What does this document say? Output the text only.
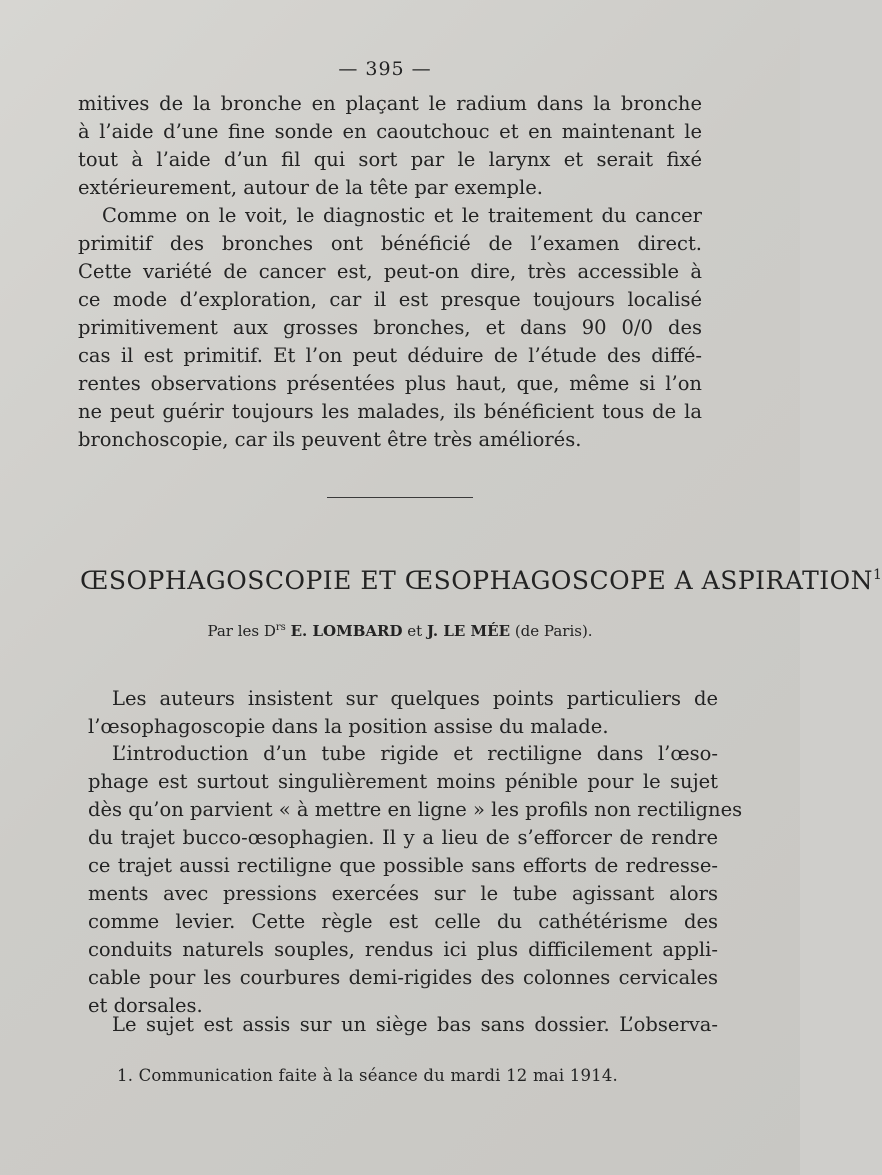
— 395 —
mitives de la bronche en plaçant le radium dans la bronche
à l’aide d’une fine sonde en caoutchouc et en maintenant le
tout à l’aide d’un fil qui sort par le larynx et serait fixé
extérieurement, autour de la tête par exemple.
Comme on le voit, le diagnostic et le traitement du cancer
primitif des bronches ont bénéficié de l’examen direct.
Cette variété de cancer est, peut-on dire, très accessible à
ce mode d’exploration, car il est presque toujours localisé
primitivement aux grosses bronches, et dans 90 0/0 des
cas il est primitif. Et l’on peut déduire de l’étude des diffé-
rentes observations présentées plus haut, que, même si l’on
ne peut guérir toujours les malades, ils bénéficient tous de la
bronchoscopie, car ils peuvent être très améliorés.
ŒSOPHAGOSCOPIE ET ŒSOPHAGOSCOPE A ASPIRATION$^1$
Par les $D^{rs}$ E. LOMBARD et J. LE MÉE (de Paris).
Les auteurs insistent sur quelques points particuliers de
l’œsophagoscopie dans la position assise du malade.
L’introduction d’un tube rigide et rectiligne dans l’œso-
phage est surtout singulièrement moins pénible pour le sujet
dès qu’on parvient « à mettre en ligne » les profils non rectilignes
du trajet bucco-œsophagien. Il y a lieu de s’efforcer de rendre
ce trajet aussi rectiligne que possible sans efforts de redresse-
ments avec pressions exercées sur le tube agissant alors
comme levier. Cette règle est celle du cathétérisme des
conduits naturels souples, rendus ici plus difficilement appli-
cable pour les courbures demi-rigides des colonnes cervicales
et dorsales.
Le sujet est assis sur un siège bas sans dossier. L’observa-
1. Communication faite à la séance du mardi 12 mai 1914.
